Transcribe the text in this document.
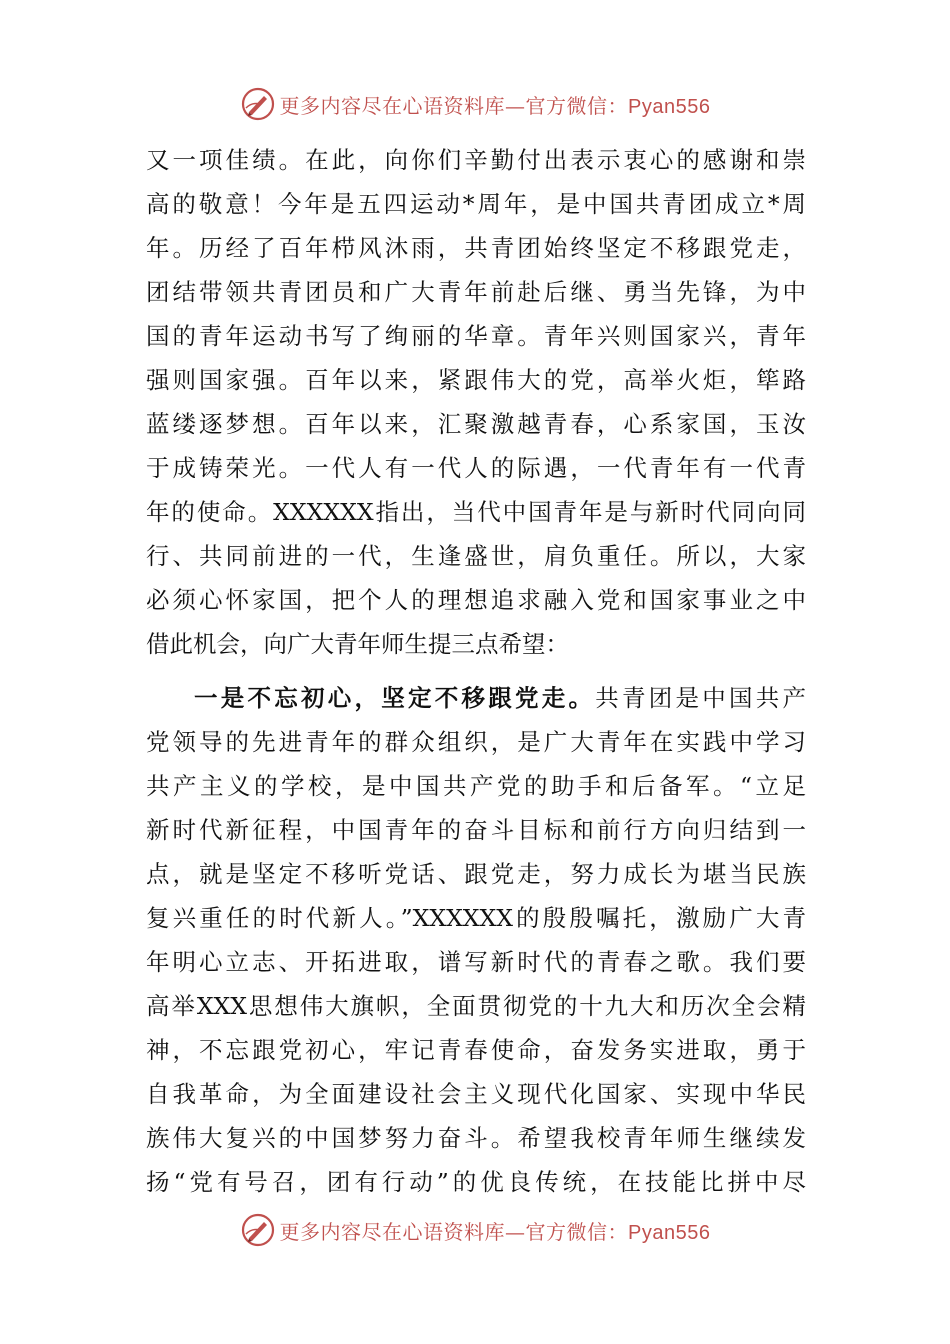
更多内容尽在心语资料库—官方微信：Pyan556
又一项佳绩。在此，向你们辛勤付出表示衷心的感谢和崇
高的敬意！今年是五四运动*周年，是中国共青团成立*周
年。历经了百年栉风沐雨，共青团始终坚定不移跟党走，
团结带领共青团员和广大青年前赴后继、勇当先锋，为中
国的青年运动书写了绚丽的华章。青年兴则国家兴，青年
强则国家强。百年以来，紧跟伟大的党，高举火炬，筚路
蓝缕逐梦想。百年以来，汇聚激越青春，心系家国，玉汝
于成铸荣光。一代人有一代人的际遇，一代青年有一代青
年的使命。XXXXXX指出，当代中国青年是与新时代同向同
行、共同前进的一代，生逢盛世，肩负重任。所以，大家
必须心怀家国，把个人的理想追求融入党和国家事业之中
借此机会，向广大青年师生提三点希望：
一是不忘初心，坚定不移跟党走。共青团是中国共产
党领导的先进青年的群众组织，是广大青年在实践中学习
共产主义的学校，是中国共产党的助手和后备军。“立足
新时代新征程，中国青年的奋斗目标和前行方向归结到一
点，就是坚定不移听党话、跟党走，努力成长为堪当民族
复兴重任的时代新人。”XXXXXX的殷殷嘱托，激励广大青
年明心立志、开拓进取，谱写新时代的青春之歌。我们要
高举XXX思想伟大旗帜，全面贯彻党的十九大和历次全会精
神，不忘跟党初心，牢记青春使命，奋发务实进取，勇于
自我革命，为全面建设社会主义现代化国家、实现中华民
族伟大复兴的中国梦努力奋斗。希望我校青年师生继续发
扬“党有号召，团有行动”的优良传统，在技能比拼中尽
更多内容尽在心语资料库—官方微信：Pyan556
